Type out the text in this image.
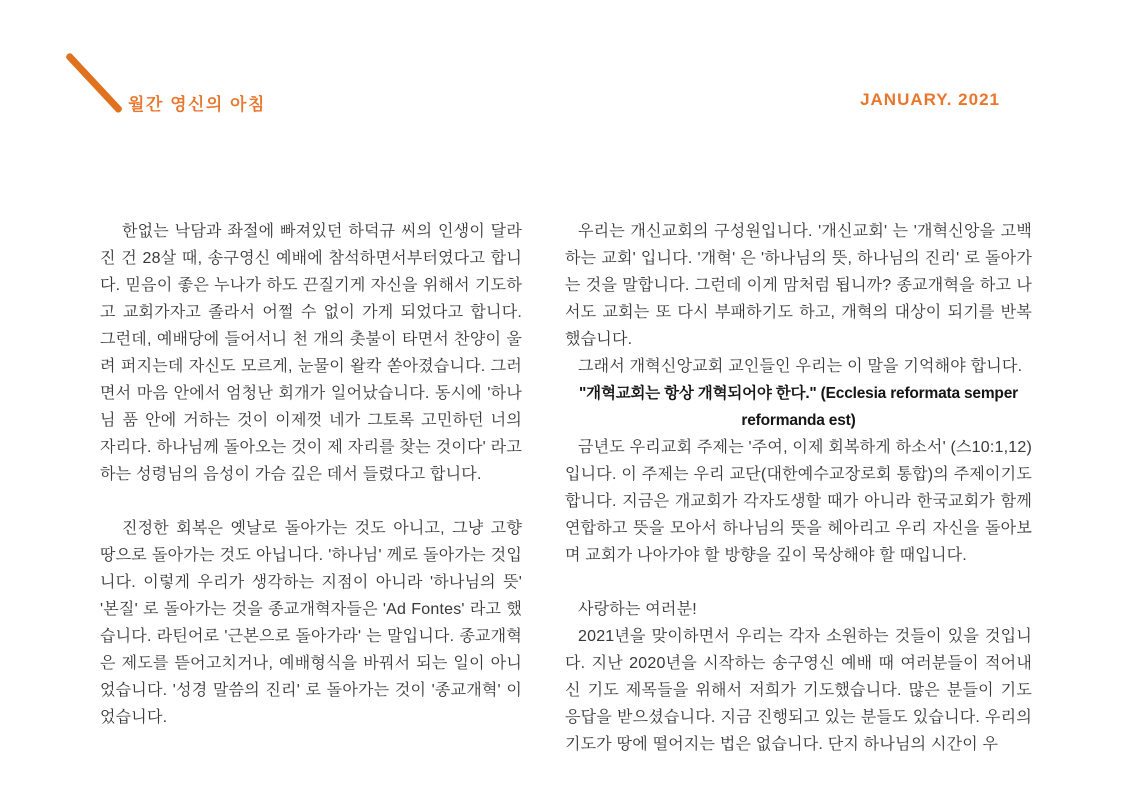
월간 영신의 아침	JANUARY. 2021

한없는 낙담과 좌절에 빠져있던 하덕규 씨의 인생이 달라진 건 28살 때, 송구영신 예배에 참석하면서부터였다고 합니다. 믿음이 좋은 누나가 하도 끈질기게 자신을 위해서 기도하고 교회가자고 졸라서 어쩔 수 없이 가게 되었다고 합니다. 그런데, 예배당에 들어서니 천 개의 촛불이 타면서 찬양이 울려 퍼지는데 자신도 모르게, 눈물이 왈칵 쏟아졌습니다. 그러면서 마음 안에서 엄청난 회개가 일어났습니다. 동시에 '하나님 품 안에 거하는 것이 이제껏 네가 그토록 고민하던 너의 자리다. 하나님께 돌아오는 것이 제 자리를 찾는 것이다' 라고 하는 성령님의 음성이 가슴 깊은 데서 들렸다고 합니다.

진정한 회복은 옛날로 돌아가는 것도 아니고, 그냥 고향 땅으로 돌아가는 것도 아닙니다. '하나님' 께로 돌아가는 것입니다. 이렇게 우리가 생각하는 지점이 아니라 '하나님의 뜻' '본질' 로 돌아가는 것을 종교개혁자들은 'Ad Fontes' 라고 했습니다. 라틴어로 '근본으로 돌아가라' 는 말입니다. 종교개혁은 제도를 뜯어고치거나, 예배형식을 바꿔서 되는 일이 아니었습니다. '성경 말씀의 진리' 로 돌아가는 것이 '종교개혁' 이었습니다.

우리는 개신교회의 구성원입니다. '개신교회' 는 '개혁신앙을 고백하는 교회' 입니다. '개혁' 은 '하나님의 뜻, 하나님의 진리' 로 돌아가는 것을 말합니다. 그런데 이게 맘처럼 됩니까? 종교개혁을 하고 나서도 교회는 또 다시 부패하기도 하고, 개혁의 대상이 되기를 반복했습니다.

그래서 개혁신앙교회 교인들인 우리는 이 말을 기억해야 합니다.

"개혁교회는 항상 개혁되어야 한다." (Ecclesia reformata semper reformanda est)

금년도 우리교회 주제는 '주여, 이제 회복하게 하소서' (스10:1,12)입니다. 이 주제는 우리 교단(대한예수교장로회 통합)의 주제이기도 합니다. 지금은 개교회가 각자도생할 때가 아니라 한국교회가 함께 연합하고 뜻을 모아서 하나님의 뜻을 헤아리고 우리 자신을 돌아보며 교회가 나아가야 할 방향을 깊이 묵상해야 할 때입니다.

사랑하는 여러분!

2021년을 맞이하면서 우리는 각자 소원하는 것들이 있을 것입니다. 지난 2020년을 시작하는 송구영신 예배 때 여러분들이 적어내신 기도 제목들을 위해서 저희가 기도했습니다. 많은 분들이 기도 응답을 받으셨습니다. 지금 진행되고 있는 분들도 있습니다. 우리의 기도가 땅에 떨어지는 법은 없습니다. 단지 하나님의 시간이 우
